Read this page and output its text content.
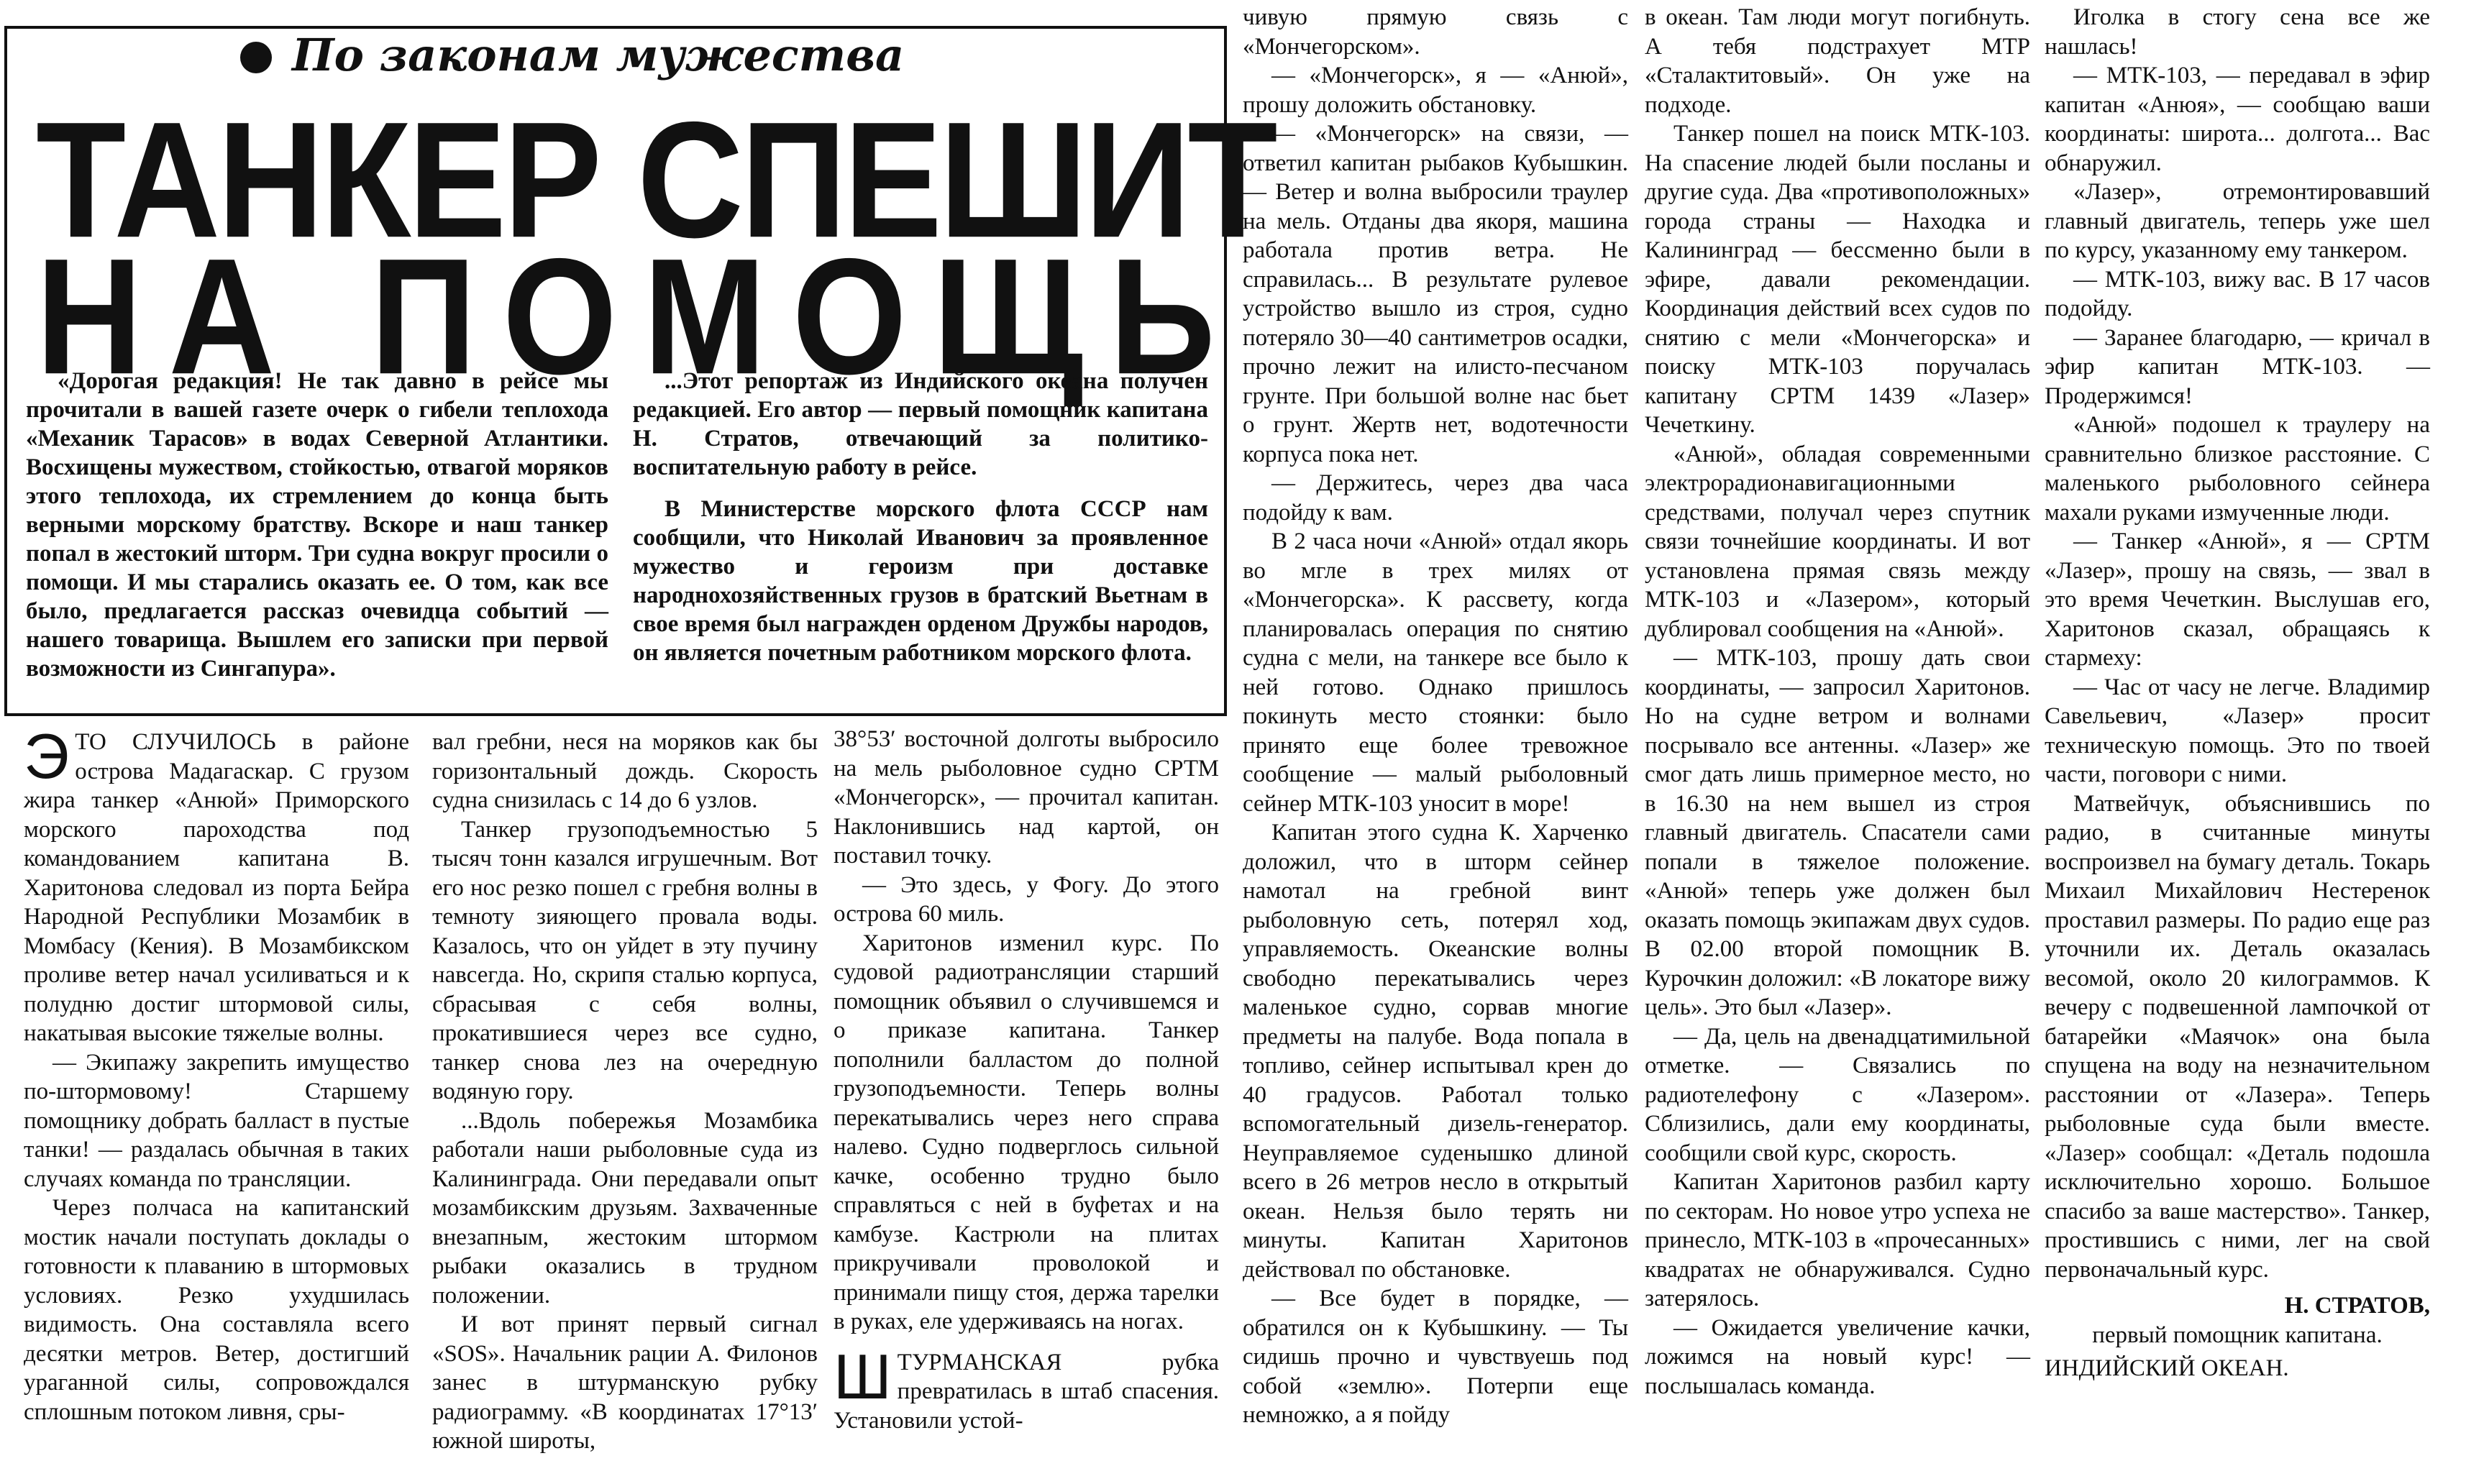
По законам мужества
ТАНКЕР СПЕШИТ
Н А П О М О Щ Ь

«Дорогая редакция! Не так давно в рейсе мы прочитали в вашей газете очерк о гибели теплохода «Механик Тарасов» в водах Северной Атлантики. Восхищены мужеством, стойкостью, отвагой моряков этого теплохода, их стремлением до конца быть верными морскому братству. Вскоре и наш танкер попал в жестокий шторм. Три судна вокруг просили о помощи. И мы старались оказать ее. О том, как все было, предлагается рассказ очевидца событий — нашего товарища. Вышлем его записки при первой возможности из Сингапура».

...Этот репортаж из Индийского океана получен редакцией. Его автор — первый помощник капитана Н. Стратов, отвечающий за политико-воспитательную работу в рейсе.

В Министерстве морского флота СССР нам сообщили, что Николай Иванович за проявленное мужество и героизм при доставке народнохозяйственных грузов в братский Вьетнам в свое время был награжден орденом Дружбы народов, он является почетным работником морского флота.

ЭТО СЛУЧИЛОСЬ в районе острова Мадагаскар. С грузом жира танкер «Анюй» Приморского морского пароходства под командованием капитана В. Харитонова следовал из порта Бейра Народной Республики Мозамбик в Момбасу (Кения). В Мозамбикском проливе ветер начал усиливаться и к полудню достиг штормовой силы, накатывая высокие тяжелые волны.

— Экипажу закрепить имущество по-штормовому! Старшему помощнику добрать балласт в пустые танки! — раздалась обычная в таких случаях команда по трансляции.

Через полчаса на капитанский мостик начали поступать доклады о готовности к плаванию в штормовых условиях. Резко ухудшилась видимость. Она составляла всего десятки метров. Ветер, достигший ураганной силы, сопровождался сплошным потоком ливня, сры-

вал гребни, неся на моряков как бы горизонтальный дождь. Скорость судна снизилась с 14 до 6 узлов.

Танкер грузоподъемностью 5 тысяч тонн казался игрушечным. Вот его нос резко пошел с гребня волны в темноту зияющего провала воды. Казалось, что он уйдет в эту пучину навсегда. Но, скрипя сталью корпуса, сбрасывая с себя волны, прокатившиеся через все судно, танкер снова лез на очередную водяную гору.

...Вдоль побережья Мозамбика работали наши рыболовные суда из Калининграда. Они передавали опыт мозамбикским друзьям. Захваченные внезапным, жестоким штормом рыбаки оказались в трудном положении.

И вот принят первый сигнал «SOS». Начальник рации А. Филонов занес в штурманскую рубку радиограмму. «В координатах 17°13′ южной широты,

38°53′ восточной долготы выбросило на мель рыболовное судно СРТМ «Мончегорск», — прочитал капитан. Наклонившись над картой, он поставил точку.

— Это здесь, у Фогу. До этого острова 60 миль.

Харитонов изменил курс. По судовой радиотрансляции старший помощник объявил о случившемся и о приказе капитана. Танкер пополнили балластом до полной грузоподъемности. Теперь волны перекатывались через него справа налево. Судно подверглось сильной качке, особенно трудно было справляться с ней в буфетах и на камбузе. Кастрюли на плитах прикручивали проволокой и принимали пищу стоя, держа тарелки в руках, еле удерживаясь на ногах.

ШТУРМАНСКАЯ рубка превратилась в штаб спасения. Установили устой-

чивую прямую связь с «Мончегорском».

— «Мончегорск», я — «Анюй», прошу доложить обстановку.

— «Мончегорск» на связи, — ответил капитан рыбаков Кубышкин. — Ветер и волна выбросили траулер на мель. Отданы два якоря, машина работала против ветра. Не справилась... В результате рулевое устройство вышло из строя, судно потеряло 30—40 сантиметров осадки, прочно лежит на илисто-песчаном грунте. При большой волне нас бьет о грунт. Жертв нет, водотечности корпуса пока нет.

— Держитесь, через два часа подойду к вам.

В 2 часа ночи «Анюй» отдал якорь во мгле в трех милях от «Мончегорска». К рассвету, когда планировалась операция по снятию судна с мели, на танкере все было к ней готово. Однако пришлось покинуть место стоянки: было принято еще более тревожное сообщение — малый рыболовный сейнер МТК-103 уносит в море!

Капитан этого судна К. Харченко доложил, что в шторм сейнер намотал на гребной винт рыболовную сеть, потерял ход, управляемость. Океанские волны свободно перекатывались через маленькое судно, сорвав многие предметы на палубе. Вода попала в топливо, сейнер испытывал крен до 40 градусов. Работал только вспомогательный дизель-генератор. Неуправляемое суденышко длиной всего в 26 метров несло в открытый океан. Нельзя было терять ни минуты. Капитан Харитонов действовал по обстановке.

— Все будет в порядке, — обратился он к Кубышкину. — Ты сидишь прочно и чувствуешь под собой «землю». Потерпи еще немножко, а я пойду

в океан. Там люди могут погибнуть. А тебя подстрахует МТР «Сталактитовый». Он уже на подходе.

Танкер пошел на поиск МТК-103. На спасение людей были посланы и другие суда. Два «противоположных» города страны — Находка и Калининград — бессменно были в эфире, давали рекомендации. Координация действий всех судов по снятию с мели «Мончегорска» и поиску МТК-103 поручалась капитану СРТМ 1439 «Лазер» Чечеткину.

«Анюй», обладая современными электрорадионавигационными средствами, получал через спутник связи точнейшие координаты. И вот установлена прямая связь между МТК-103 и «Лазером», который дублировал сообщения на «Анюй».

— МТК-103, прошу дать свои координаты, — запросил Харитонов. Но на судне ветром и волнами посрывало все антенны. «Лазер» же смог дать лишь примерное место, но в 16.30 на нем вышел из строя главный двигатель. Спасатели сами попали в тяжелое положение. «Анюй» теперь уже должен был оказать помощь экипажам двух судов. В 02.00 второй помощник В. Курочкин доложил: «В локаторе вижу цель». Это был «Лазер».

— Да, цель на двенадцатимильной отметке. — Связались по радиотелефону с «Лазером». Сблизились, дали ему координаты, сообщили свой курс, скорость.

Капитан Харитонов разбил карту по секторам. Но новое утро успеха не принесло, МТК-103 в «прочесанных» квадратах не обнаруживался. Судно затерялось.

— Ожидается увеличение качки, ложимся на новый курс! — послышалась команда.

Иголка в стогу сена все же нашлась!

— МТК-103, — передавал в эфир капитан «Анюя», — сообщаю ваши координаты: широта... долгота... Вас обнаружил.

«Лазер», отремонтировавший главный двигатель, теперь уже шел по курсу, указанному ему танкером.

— МТК-103, вижу вас. В 17 часов подойду.

— Заранее благодарю, — кричал в эфир капитан МТК-103. — Продержимся!

«Анюй» подошел к траулеру на сравнительно близкое расстояние. С маленького рыболовного сейнера махали руками измученные люди.

— Танкер «Анюй», я — СРТМ «Лазер», прошу на связь, — звал в это время Чечеткин. Выслушав его, Харитонов сказал, обращаясь к стармеху:

— Час от часу не легче. Владимир Савельевич, «Лазер» просит техническую помощь. Это по твоей части, поговори с ними.

Матвейчук, объяснившись по радио, в считанные минуты воспроизвел на бумагу деталь. Токарь Михаил Михайлович Нестеренок проставил размеры. По радио еще раз уточнили их. Деталь оказалась весомой, около 20 килограммов. К вечеру с подвешенной лампочкой от батарейки «Маячок» она была спущена на воду на незначительном расстоянии от «Лазера». Теперь рыболовные суда были вместе. «Лазер» сообщал: «Деталь подошла исключительно хорошо. Большое спасибо за ваше мастерство». Танкер, простившись с ними, лег на свой первоначальный курс.

Н. СТРАТОВ,

первый помощник капитана.

ИНДИЙСКИЙ ОКЕАН.
